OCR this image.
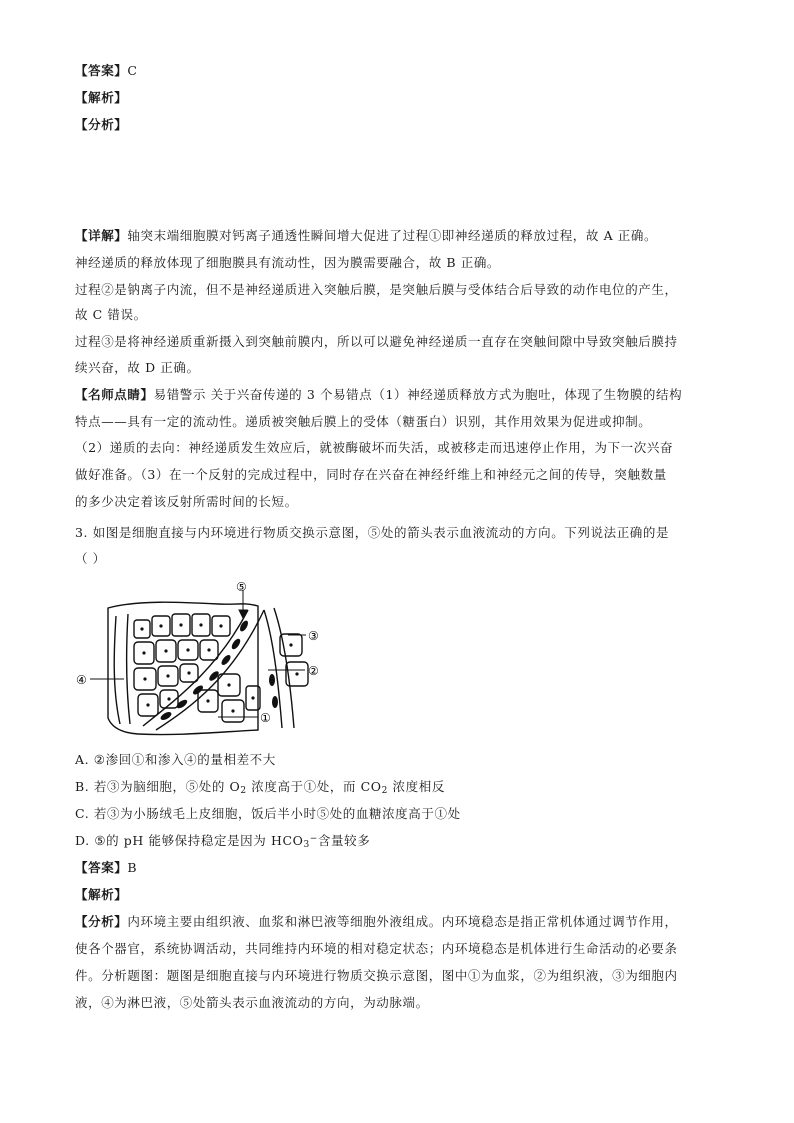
【答案】C
【解析】
【分析】
【详解】轴突末端细胞膜对钙离子通透性瞬间增大促进了过程①即神经递质的释放过程，故 A 正确。
神经递质的释放体现了细胞膜具有流动性，因为膜需要融合，故 B 正确。
过程②是钠离子内流，但不是神经递质进入突触后膜，是突触后膜与受体结合后导致的动作电位的产生，
故 C 错误。
过程③是将神经递质重新摄入到突触前膜内，所以可以避免神经递质一直存在突触间隙中导致突触后膜持
续兴奋，故 D 正确。
【名师点睛】易错警示 关于兴奋传递的 3 个易错点（1）神经递质释放方式为胞吐，体现了生物膜的结构
特点——具有一定的流动性。递质被突触后膜上的受体（糖蛋白）识别，其作用效果为促进或抑制。
（2）递质的去向：神经递质发生效应后，就被酶破坏而失活，或被移走而迅速停止作用，为下一次兴奋
做好准备。（3）在一个反射的完成过程中，同时存在兴奋在神经纤维上和神经元之间的传导，突触数量
的多少决定着该反射所需时间的长短。
3. 如图是细胞直接与内环境进行物质交换示意图，⑤处的箭头表示血液流动的方向。下列说法正确的是
（ ）
⑤
④
①
②
③
A. ②渗回①和渗入④的量相差不大
B. 若③为脑细胞，⑤处的 $O_2$ 浓度高于①处，而 $CO_2$ 浓度相反
C. 若③为小肠绒毛上皮细胞，饭后半小时⑤处的血糖浓度高于①处
D. ⑤的 pH 能够保持稳定是因为 $HCO_3^-$含量较多
【答案】B
【解析】
【分析】内环境主要由组织液、血浆和淋巴液等细胞外液组成。内环境稳态是指正常机体通过调节作用，
使各个器官，系统协调活动，共同维持内环境的相对稳定状态；内环境稳态是机体进行生命活动的必要条
件。分析题图：题图是细胞直接与内环境进行物质交换示意图，图中①为血浆，②为组织液，③为细胞内
液，④为淋巴液，⑤处箭头表示血液流动的方向，为动脉端。
